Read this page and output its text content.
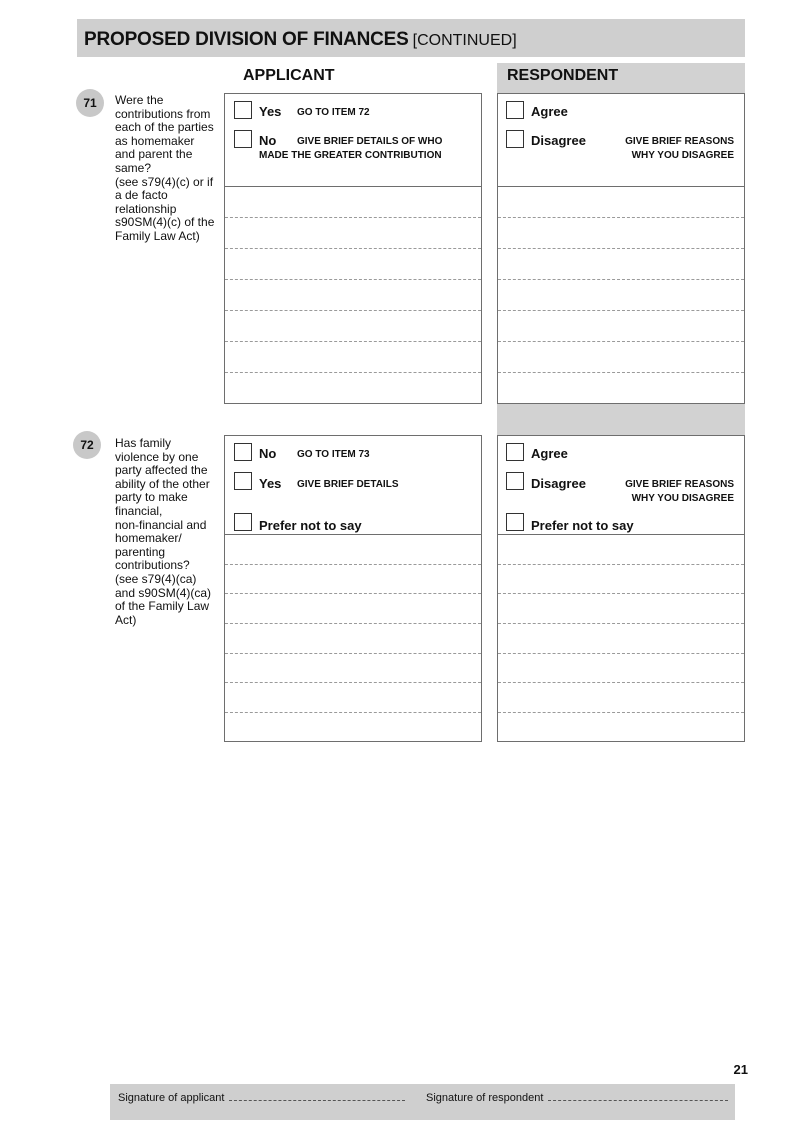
PROPOSED DIVISION OF FINANCES [CONTINUED]
APPLICANT	RESPONDENT
71	Were the
contributions from
each of the parties
as homemaker
and parent the
same?
(see s79(4)(c) or if
a de facto
relationship
s90SM(4)(c) of the
Family Law Act)
Yes GO TO ITEM 72
No GIVE BRIEF DETAILS OF WHO
MADE THE GREATER CONTRIBUTION
Agree
Disagree	GIVE BRIEF REASONS
WHY YOU DISAGREE
72	Has family
violence by one
party affected the
ability of the other
party to make
financial,
non-financial and
homemaker/
parenting
contributions?
(see s79(4)(ca)
and s90SM(4)(ca)
of the Family Law
Act)
No GO TO ITEM 73
Yes GIVE BRIEF DETAILS
Prefer not to say
Agree
Disagree	GIVE BRIEF REASONS
WHY YOU DISAGREE
Prefer not to say
21
Signature of applicant	Signature of respondent
